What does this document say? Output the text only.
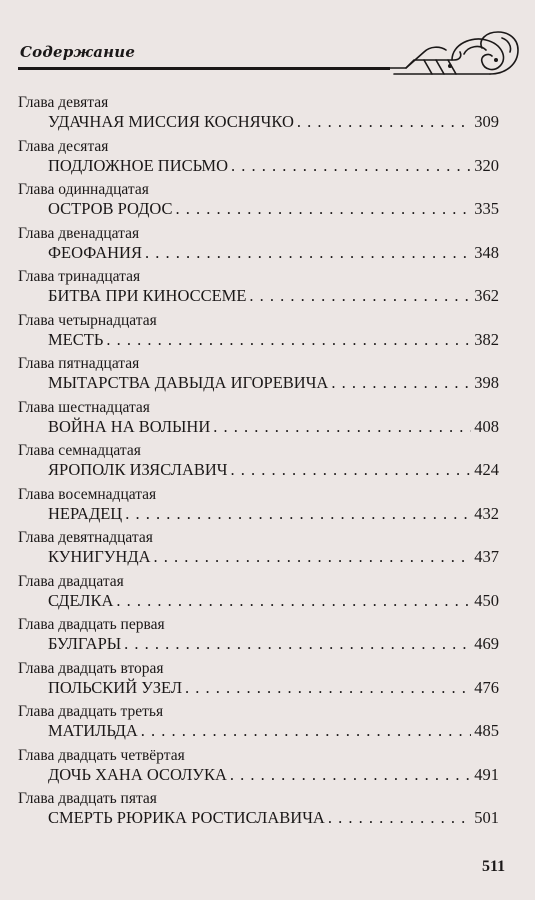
Содержание
Глава девятая
УДАЧНАЯ МИССИЯ КОСНЯЧКО . . .	309
Глава десятая
ПОДЛОЖНОЕ ПИСЬМО . . .	320
Глава одиннадцатая
ОСТРОВ РОДОС . . .	335
Глава двенадцатая
ФЕОФАНИЯ . . .	348
Глава тринадцатая
БИТВА ПРИ КИНОССЕМЕ . . .	362
Глава четырнадцатая
МЕСТЬ . . .	382
Глава пятнадцатая
МЫТАРСТВА ДАВЫДА ИГОРЕВИЧА . . .	398
Глава шестнадцатая
ВОЙНА НА ВОЛЫНИ . . .	408
Глава семнадцатая
ЯРОПОЛК ИЗЯСЛАВИЧ . . .	424
Глава восемнадцатая
НЕРАДЕЦ . . .	432
Глава девятнадцатая
КУНИГУНДА . . .	437
Глава двадцатая
СДЕЛКА . . .	450
Глава двадцать первая
БУЛГАРЫ . . .	469
Глава двадцать вторая
ПОЛЬСКИЙ УЗЕЛ . . .	476
Глава двадцать третья
МАТИЛЬДА . . .	485
Глава двадцать четвёртая
ДОЧЬ ХАНА ОСОЛУКА . . .	491
Глава двадцать пятая
СМЕРТЬ РЮРИКА РОСТИСЛАВИЧА . . .	501
511
